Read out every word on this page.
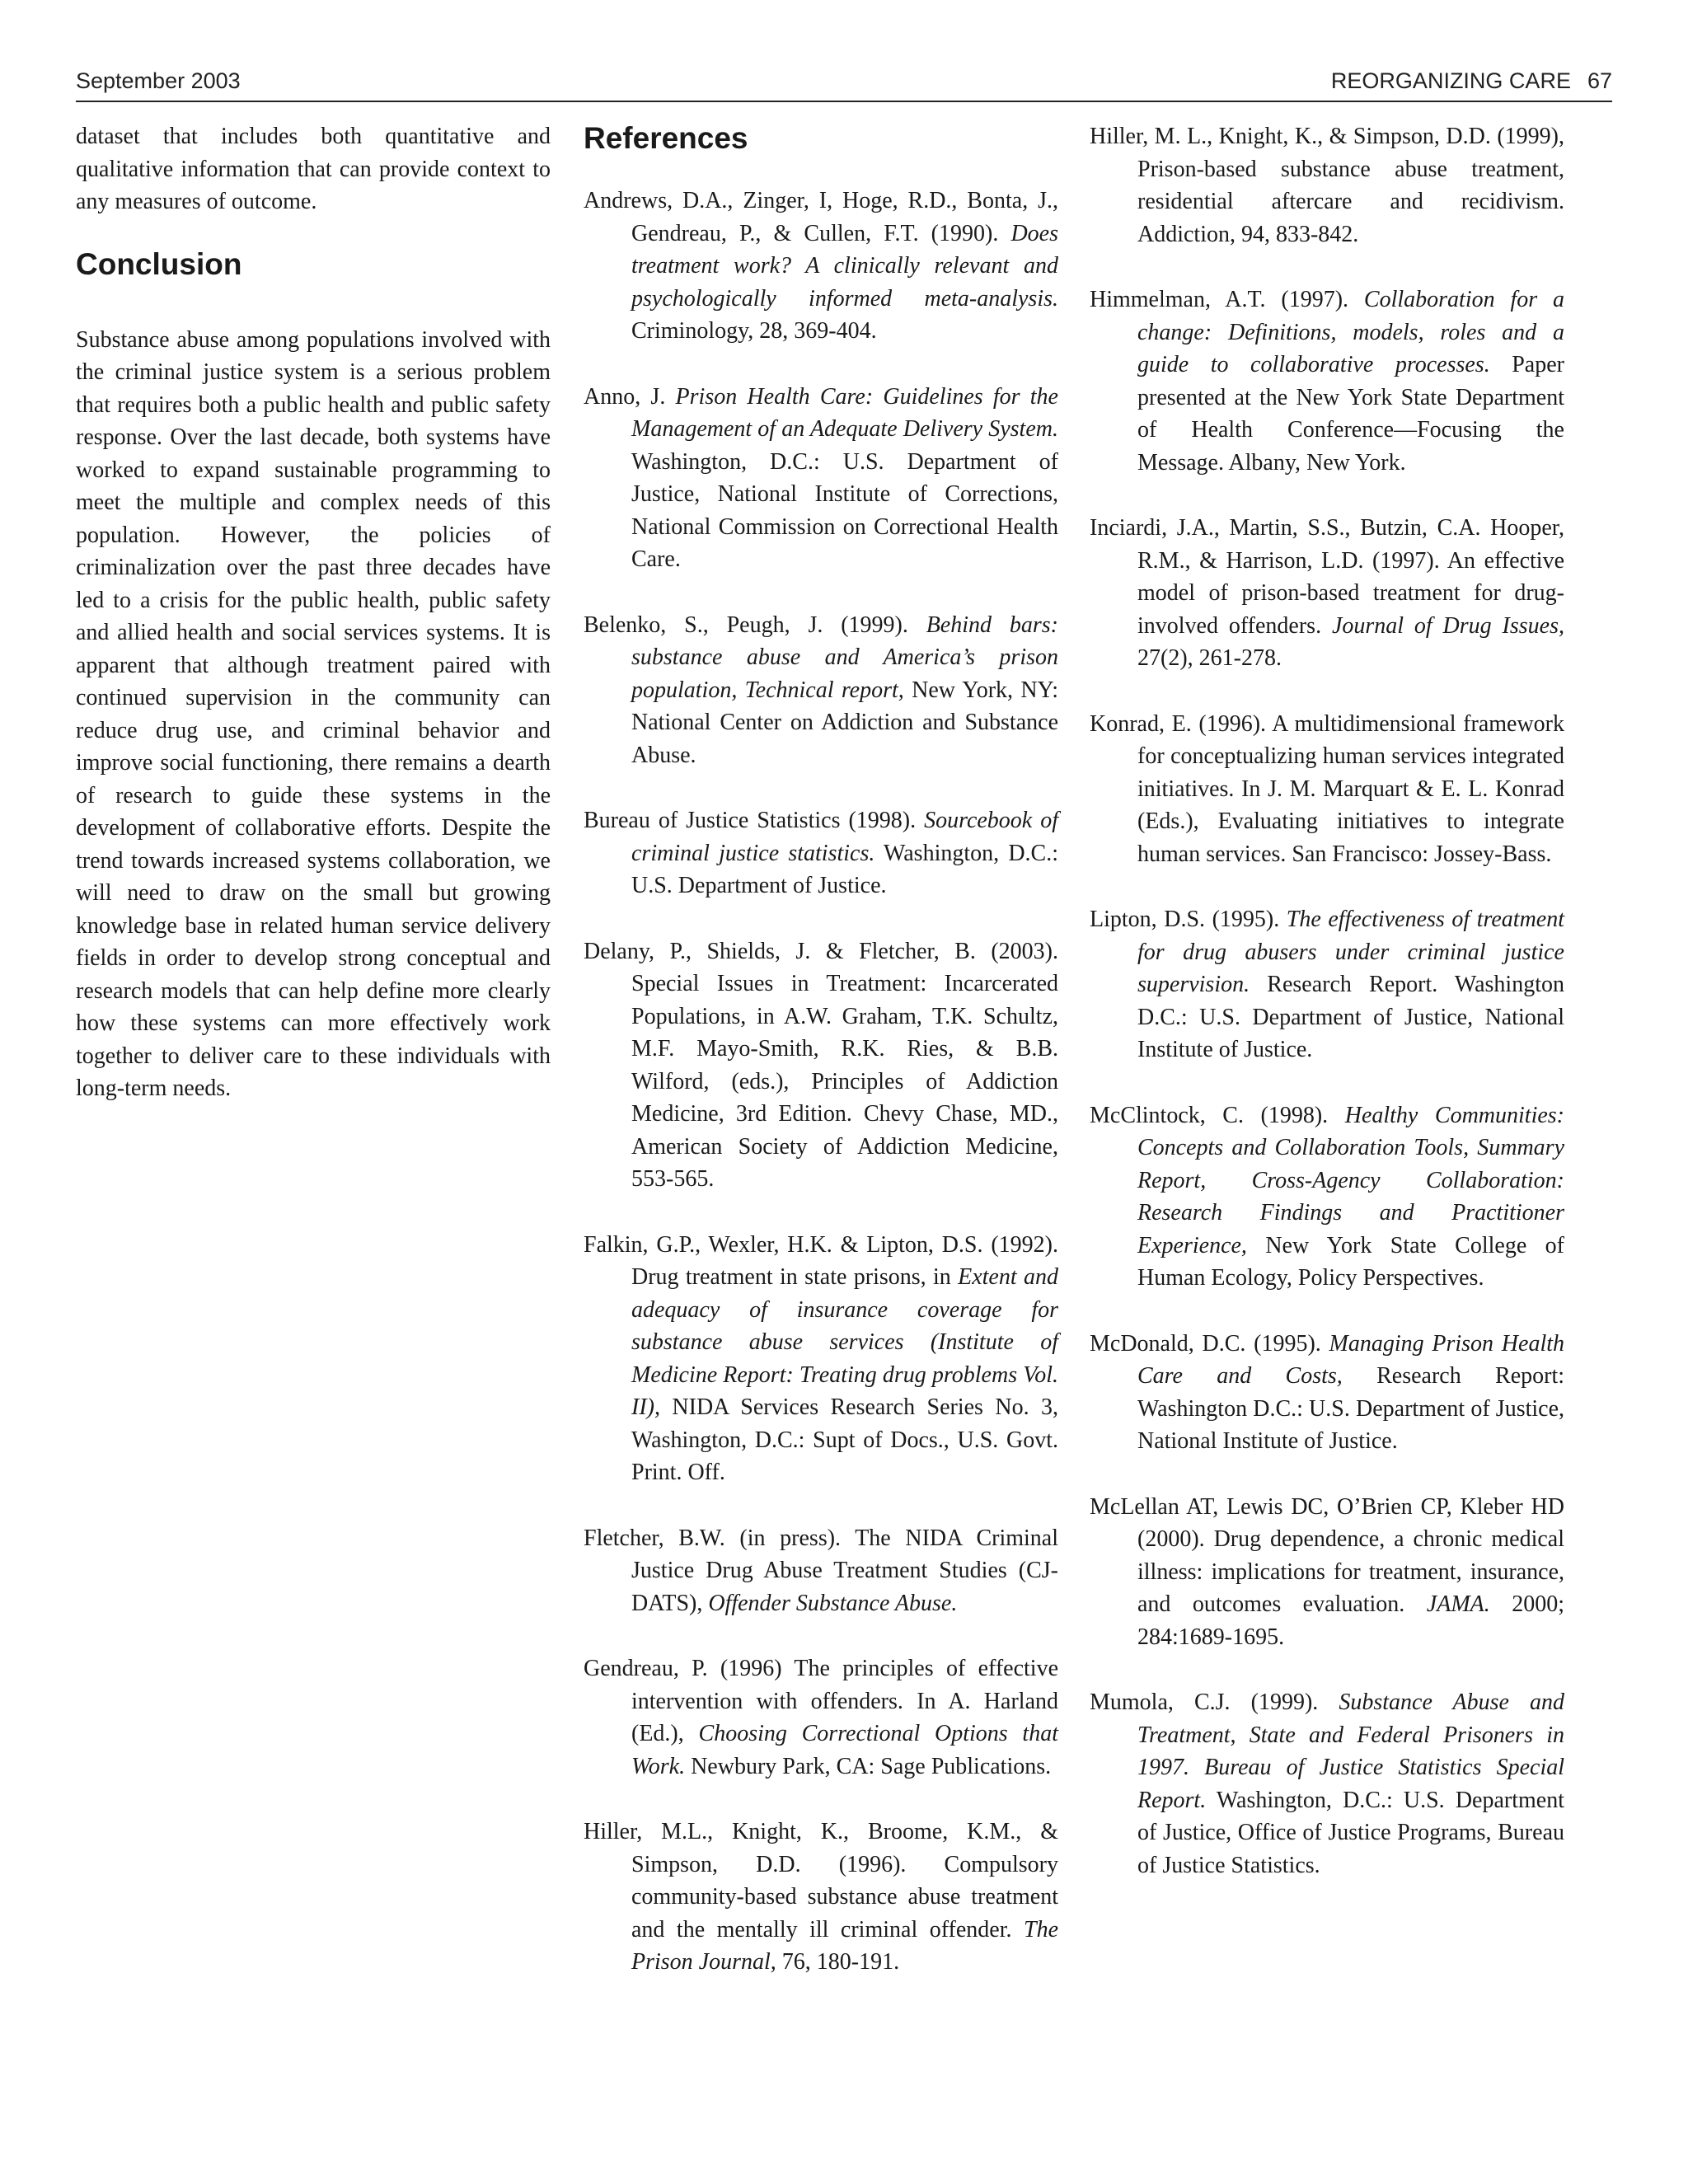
September 2003	REORGANIZING CARE 67

dataset that includes both quantitative and qualitative information that can provide context to any measures of outcome.

Conclusion

Substance abuse among populations involved with the criminal justice system is a serious problem that requires both a public health and public safety response. Over the last decade, both systems have worked to expand sustainable programming to meet the multiple and complex needs of this population. However, the policies of criminalization over the past three decades have led to a crisis for the public health, public safety and allied health and social services systems. It is apparent that although treatment paired with continued supervision in the community can reduce drug use, and criminal behavior and improve social functioning, there remains a dearth of research to guide these systems in the development of collaborative efforts. Despite the trend towards increased systems collaboration, we will need to draw on the small but growing knowledge base in related human service delivery fields in order to develop strong conceptual and research models that can help define more clearly how these systems can more effectively work together to deliver care to these individuals with long-term needs.

References

Andrews, D.A., Zinger, I, Hoge, R.D., Bonta, J., Gendreau, P., & Cullen, F.T. (1990). Does treatment work? A clinically relevant and psychologically informed meta-analysis. Criminology, 28, 369-404.

Anno, J. Prison Health Care: Guidelines for the Management of an Adequate Delivery System. Washington, D.C.: U.S. Department of Justice, National Institute of Corrections, National Commission on Correctional Health Care.

Belenko, S., Peugh, J. (1999). Behind bars: substance abuse and America’s prison population, Technical report, New York, NY: National Center on Addiction and Substance Abuse.

Bureau of Justice Statistics (1998). Sourcebook of criminal justice statistics. Washington, D.C.: U.S. Department of Justice.

Delany, P., Shields, J. & Fletcher, B. (2003). Special Issues in Treatment: Incarcerated Populations, in A.W. Graham, T.K. Schultz, M.F. Mayo-Smith, R.K. Ries, & B.B. Wilford, (eds.), Principles of Addiction Medicine, 3rd Edition. Chevy Chase, MD., American Society of Addiction Medicine, 553-565.

Falkin, G.P., Wexler, H.K. & Lipton, D.S. (1992). Drug treatment in state prisons, in Extent and adequacy of insurance coverage for substance abuse services (Institute of Medicine Report: Treating drug problems Vol. II), NIDA Services Research Series No. 3, Washington, D.C.: Supt of Docs., U.S. Govt. Print. Off.

Fletcher, B.W. (in press). The NIDA Criminal Justice Drug Abuse Treatment Studies (CJ-DATS), Offender Substance Abuse.

Gendreau, P. (1996) The principles of effective intervention with offenders. In A. Harland (Ed.), Choosing Correctional Options that Work. Newbury Park, CA: Sage Publications.

Hiller, M.L., Knight, K., Broome, K.M., & Simpson, D.D. (1996). Compulsory community-based substance abuse treatment and the mentally ill criminal offender. The Prison Journal, 76, 180-191.

Hiller, M. L., Knight, K., & Simpson, D.D. (1999), Prison-based substance abuse treatment, residential aftercare and recidivism. Addiction, 94, 833-842.

Himmelman, A.T. (1997). Collaboration for a change: Definitions, models, roles and a guide to collaborative processes. Paper presented at the New York State Department of Health Conference—Focusing the Message. Albany, New York.

Inciardi, J.A., Martin, S.S., Butzin, C.A. Hooper, R.M., & Harrison, L.D. (1997). An effective model of prison-based treatment for drug-involved offenders. Journal of Drug Issues, 27(2), 261-278.

Konrad, E. (1996). A multidimensional framework for conceptualizing human services integrated initiatives. In J. M. Marquart & E. L. Konrad (Eds.), Evaluating initiatives to integrate human services. San Francisco: Jossey-Bass.

Lipton, D.S. (1995). The effectiveness of treatment for drug abusers under criminal justice supervision. Research Report. Washington D.C.: U.S. Department of Justice, National Institute of Justice.

McClintock, C. (1998). Healthy Communities: Concepts and Collaboration Tools, Summary Report, Cross-Agency Collaboration: Research Findings and Practitioner Experience, New York State College of Human Ecology, Policy Perspectives.

McDonald, D.C. (1995). Managing Prison Health Care and Costs, Research Report: Washington D.C.: U.S. Department of Justice, National Institute of Justice.

McLellan AT, Lewis DC, O’Brien CP, Kleber HD (2000). Drug dependence, a chronic medical illness: implications for treatment, insurance, and outcomes evaluation. JAMA. 2000; 284:1689-1695.

Mumola, C.J. (1999). Substance Abuse and Treatment, State and Federal Prisoners in 1997. Bureau of Justice Statistics Special Report. Washington, D.C.: U.S. Department of Justice, Office of Justice Programs, Bureau of Justice Statistics.
